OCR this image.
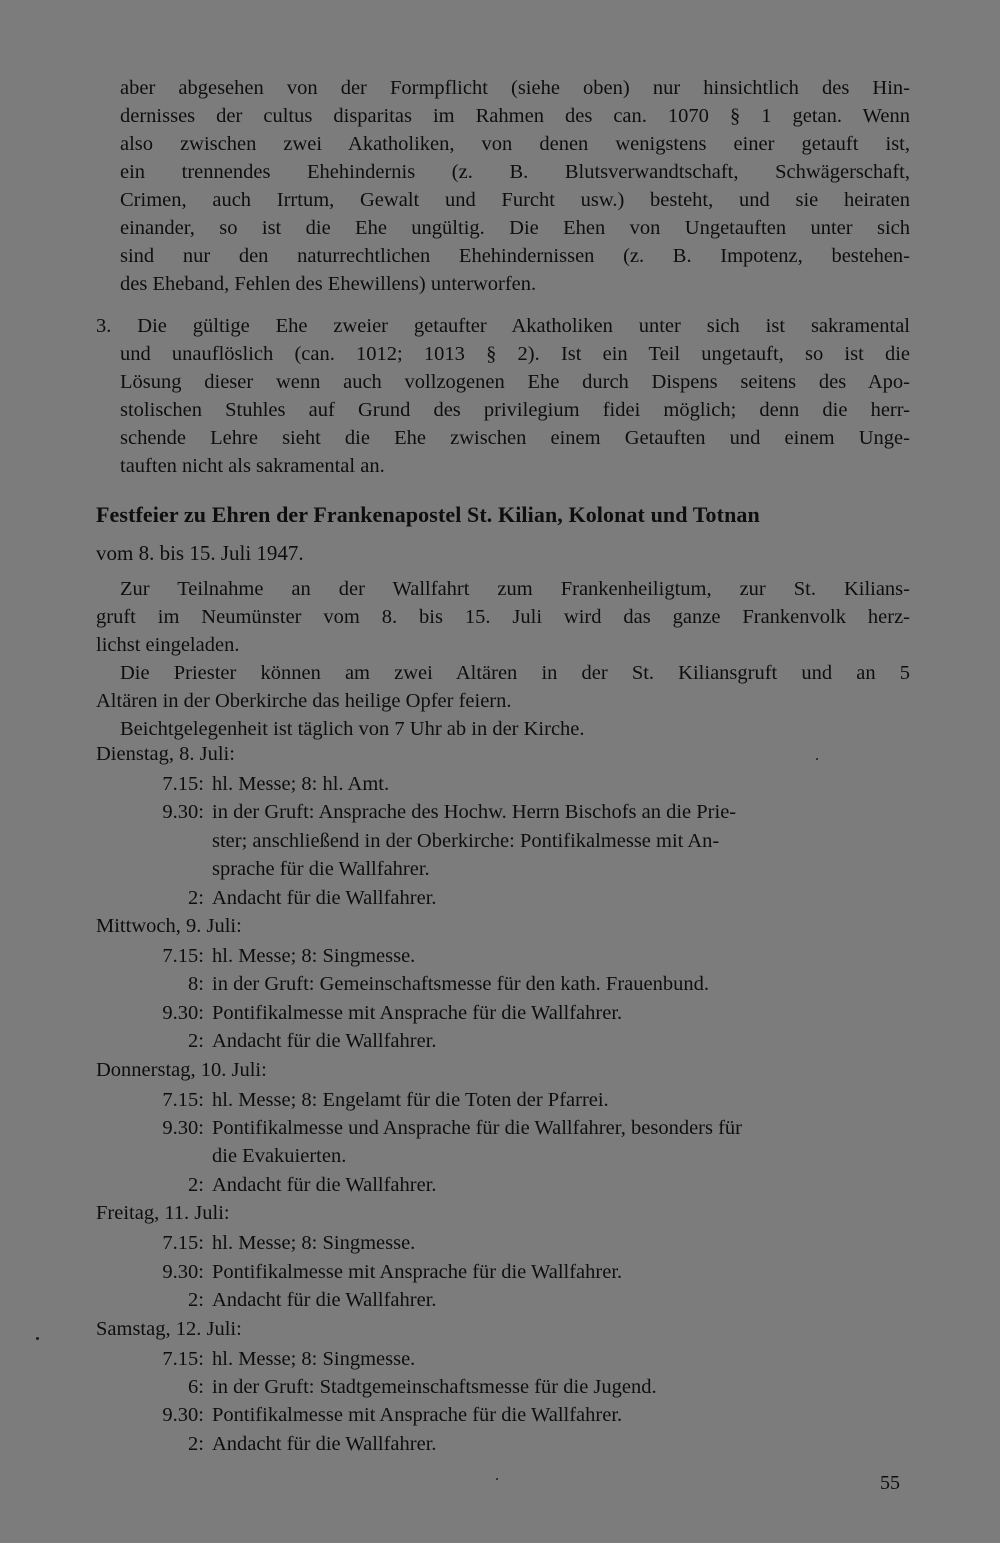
aber abgesehen von der Formpflicht (siehe oben) nur hinsichtlich des Hin-
dernisses der cultus disparitas im Rahmen des can. 1070 § 1 getan. Wenn
also zwischen zwei Akatholiken, von denen wenigstens einer getauft ist,
ein trennendes Ehehindernis (z. B. Blutsverwandtschaft, Schwägerschaft,
Crimen, auch Irrtum, Gewalt und Furcht usw.) besteht, und sie heiraten
einander, so ist die Ehe ungültig. Die Ehen von Ungetauften unter sich
sind nur den naturrechtlichen Ehehindernissen (z. B. Impotenz, bestehen-
des Eheband, Fehlen des Ehewillens) unterworfen.
3. Die gültige Ehe zweier getaufter Akatholiken unter sich ist sakramental
und unauflöslich (can. 1012; 1013 § 2). Ist ein Teil ungetauft, so ist die
Lösung dieser wenn auch vollzogenen Ehe durch Dispens seitens des Apo-
stolischen Stuhles auf Grund des privilegium fidei möglich; denn die herr-
schende Lehre sieht die Ehe zwischen einem Getauften und einem Unge-
tauften nicht als sakramental an.
Festfeier zu Ehren der Frankenapostel St. Kilian, Kolonat und Totnan
vom 8. bis 15. Juli 1947.
Zur Teilnahme an der Wallfahrt zum Frankenheiligtum, zur St. Kilians-
gruft im Neumünster vom 8. bis 15. Juli wird das ganze Frankenvolk herz-
lichst eingeladen.
Die Priester können am zwei Altären in der St. Kiliansgruft und an 5
Altären in der Oberkirche das heilige Opfer feiern.
Beichtgelegenheit ist täglich von 7 Uhr ab in der Kirche.
Dienstag, 8. Juli:
7.15: hl. Messe; 8: hl. Amt.
9.30: in der Gruft: Ansprache des Hochw. Herrn Bischofs an die Prie-
ster; anschließend in der Oberkirche: Pontifikalmesse mit An-
sprache für die Wallfahrer.
2: Andacht für die Wallfahrer.
Mittwoch, 9. Juli:
7.15: hl. Messe; 8: Singmesse.
8: in der Gruft: Gemeinschaftsmesse für den kath. Frauenbund.
9.30: Pontifikalmesse mit Ansprache für die Wallfahrer.
2: Andacht für die Wallfahrer.
Donnerstag, 10. Juli:
7.15: hl. Messe; 8: Engelamt für die Toten der Pfarrei.
9.30: Pontifikalmesse und Ansprache für die Wallfahrer, besonders für
die Evakuierten.
2: Andacht für die Wallfahrer.
Freitag, 11. Juli:
7.15: hl. Messe; 8: Singmesse.
9.30: Pontifikalmesse mit Ansprache für die Wallfahrer.
2: Andacht für die Wallfahrer.
Samstag, 12. Juli:
7.15: hl. Messe; 8: Singmesse.
6: in der Gruft: Stadtgemeinschaftsmesse für die Jugend.
9.30: Pontifikalmesse mit Ansprache für die Wallfahrer.
2: Andacht für die Wallfahrer.
55
